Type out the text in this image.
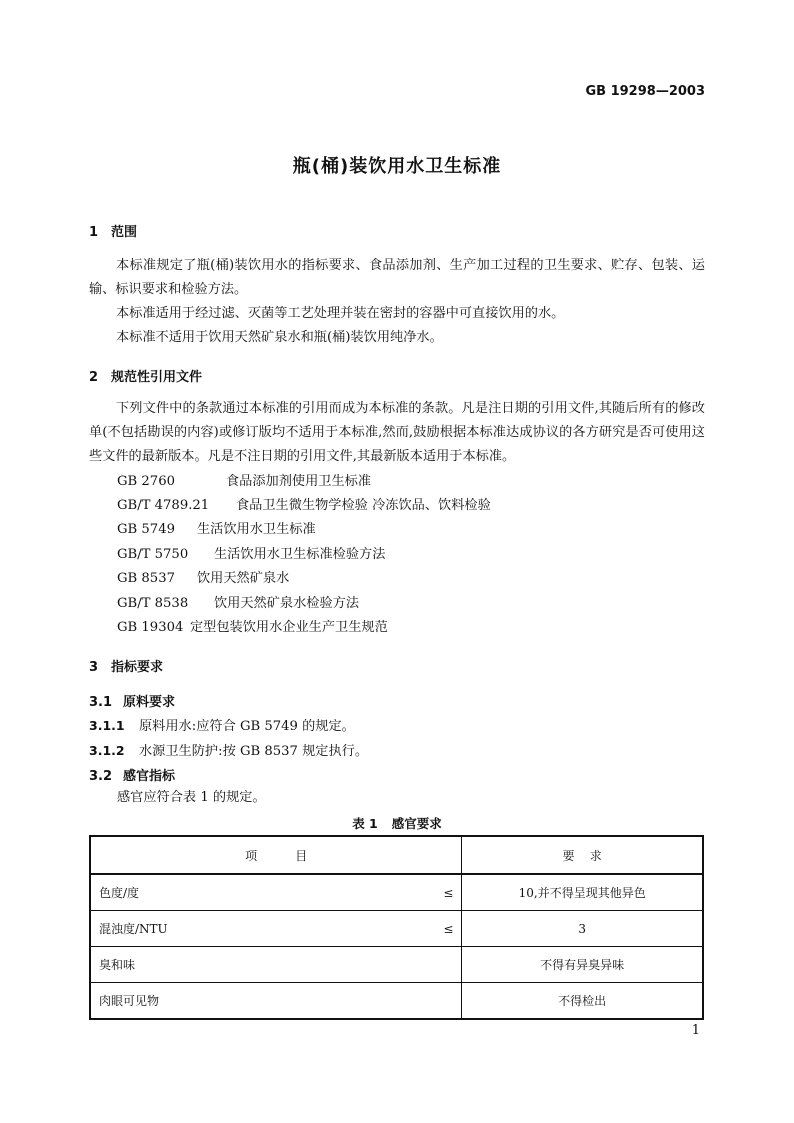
GB 19298—2003
瓶(桶)装饮用水卫生标准
1 范围
本标准规定了瓶(桶)装饮用水的指标要求、食品添加剂、生产加工过程的卫生要求、贮存、包装、运输、标识要求和检验方法。
本标准适用于经过滤、灭菌等工艺处理并装在密封的容器中可直接饮用的水。
本标准不适用于饮用天然矿泉水和瓶(桶)装饮用纯净水。
2 规范性引用文件
下列文件中的条款通过本标准的引用而成为本标准的条款。凡是注日期的引用文件,其随后所有的修改单(不包括勘误的内容)或修订版均不适用于本标准,然而,鼓励根据本标准达成协议的各方研究是否可使用这些文件的最新版本。凡是不注日期的引用文件,其最新版本适用于本标准。
GB 2760	食品添加剂使用卫生标准
GB/T 4789.21 食品卫生微生物学检验 冷冻饮品、饮料检验
GB 5749 生活饮用水卫生标准
GB/T 5750 生活饮用水卫生标准检验方法
GB 8537 饮用天然矿泉水
GB/T 8538 饮用天然矿泉水检验方法
GB 19304 定型包装饮用水企业生产卫生规范
3 指标要求
3.1 原料要求
3.1.1 原料用水:应符合 GB 5749 的规定。
3.1.2 水源卫生防护:按 GB 8537 规定执行。
3.2 感官指标
感官应符合表 1 的规定。
表 1 感官要求
项          目	要    求

色度/度 ≤	10,并不得呈现其他异色

混浊度/NTU ≤	3

臭和味	不得有异臭异味

肉眼可见物	不得检出
1
